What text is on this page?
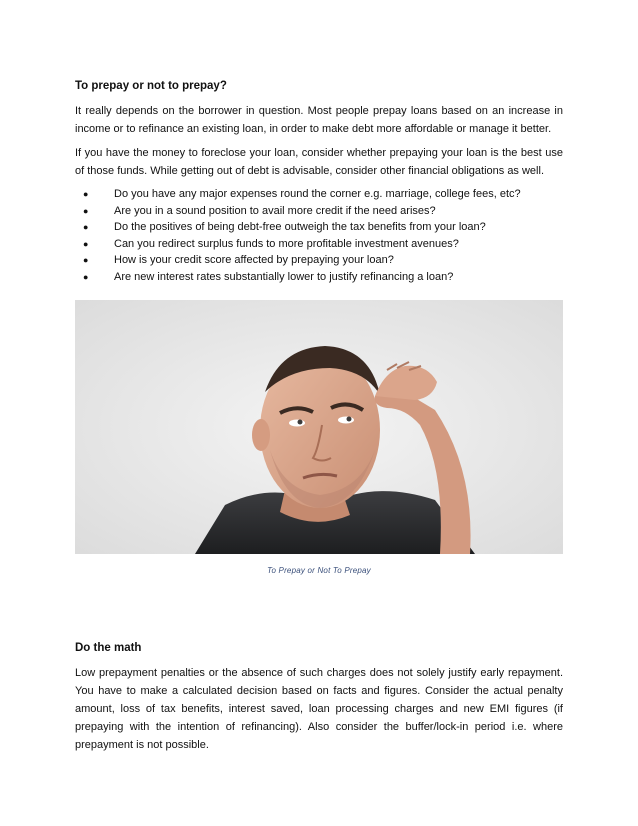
To prepay or not to prepay?

It really depends on the borrower in question. Most people prepay loans based on an increase in income or to refinance an existing loan, in order to make debt more affordable or manage it better.

If you have the money to foreclose your loan, consider whether prepaying your loan is the best use of those funds. While getting out of debt is advisable, consider other financial obligations as well.

●	Do you have any major expenses round the corner e.g. marriage, college fees, etc?
●	Are you in a sound position to avail more credit if the need arises?
●	Do the positives of being debt-free outweigh the tax benefits from your loan?
●	Can you redirect surplus funds to more profitable investment avenues?
●	How is your credit score affected by prepaying your loan?
●	Are new interest rates substantially lower to justify refinancing a loan?
To Prepay or Not To Prepay
Do the math

Low prepayment penalties or the absence of such charges does not solely justify early repayment. You have to make a calculated decision based on facts and figures. Consider the actual penalty amount, loss of tax benefits, interest saved, loan processing charges and new EMI figures (if prepaying with the intention of refinancing). Also consider the buffer/lock-in period i.e. where prepayment is not possible.
